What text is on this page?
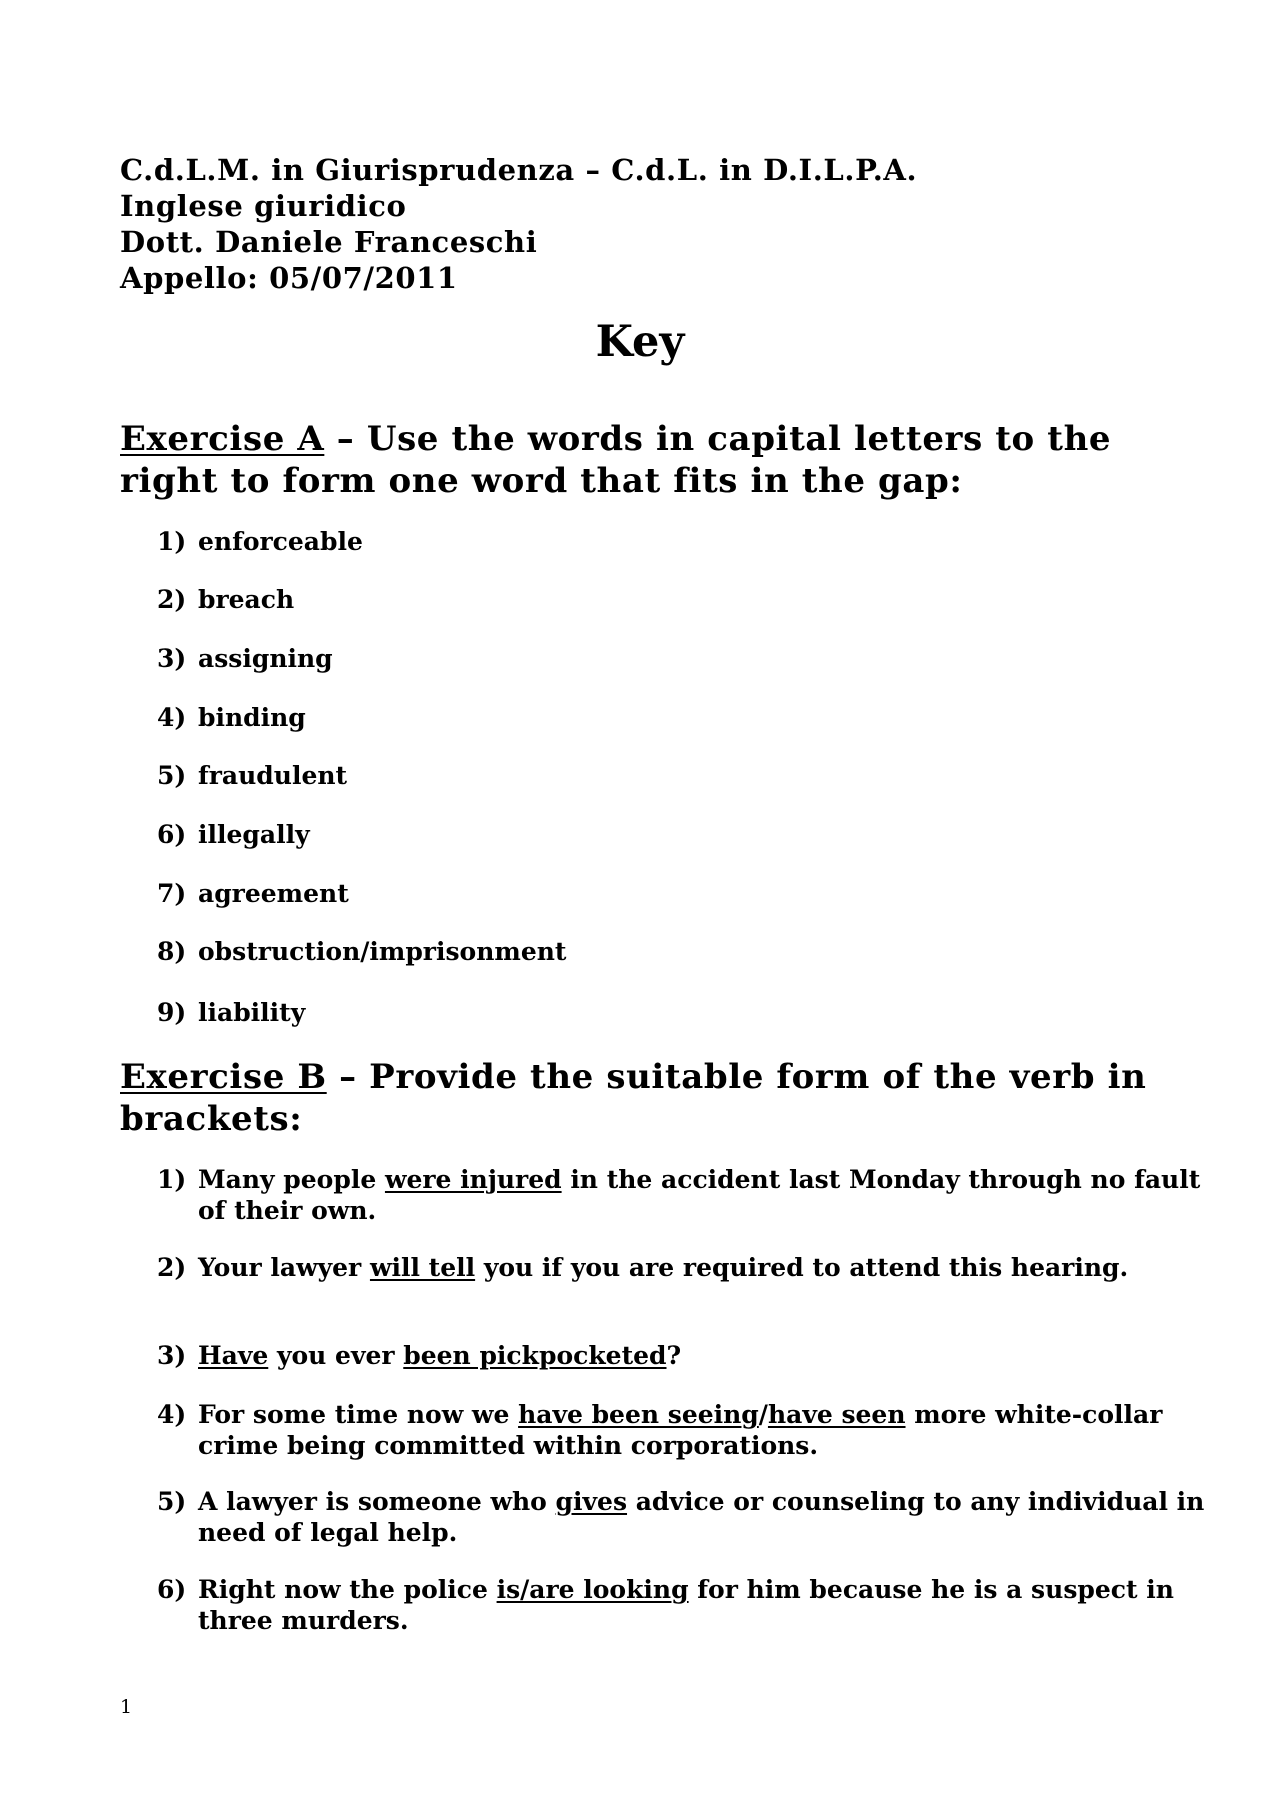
C.d.L.M. in Giurisprudenza – C.d.L. in D.I.L.P.A.
Inglese giuridico
Dott. Daniele Franceschi
Appello: 05/07/2011
Key
Exercise A – Use the words in capital letters to the right to form one word that fits in the gap:
1) enforceable
2) breach
3) assigning
4) binding
5) fraudulent
6) illegally
7) agreement
8) obstruction/imprisonment
9) liability
Exercise B – Provide the suitable form of the verb in brackets:
1) Many people were injured in the accident last Monday through no fault of their own.
2) Your lawyer will tell you if you are required to attend this hearing.
3) Have you ever been pickpocketed?
4) For some time now we have been seeing/have seen more white-collar crime being committed within corporations.
5) A lawyer is someone who gives advice or counseling to any individual in need of legal help.
6) Right now the police is/are looking for him because he is a suspect in three murders.
1
